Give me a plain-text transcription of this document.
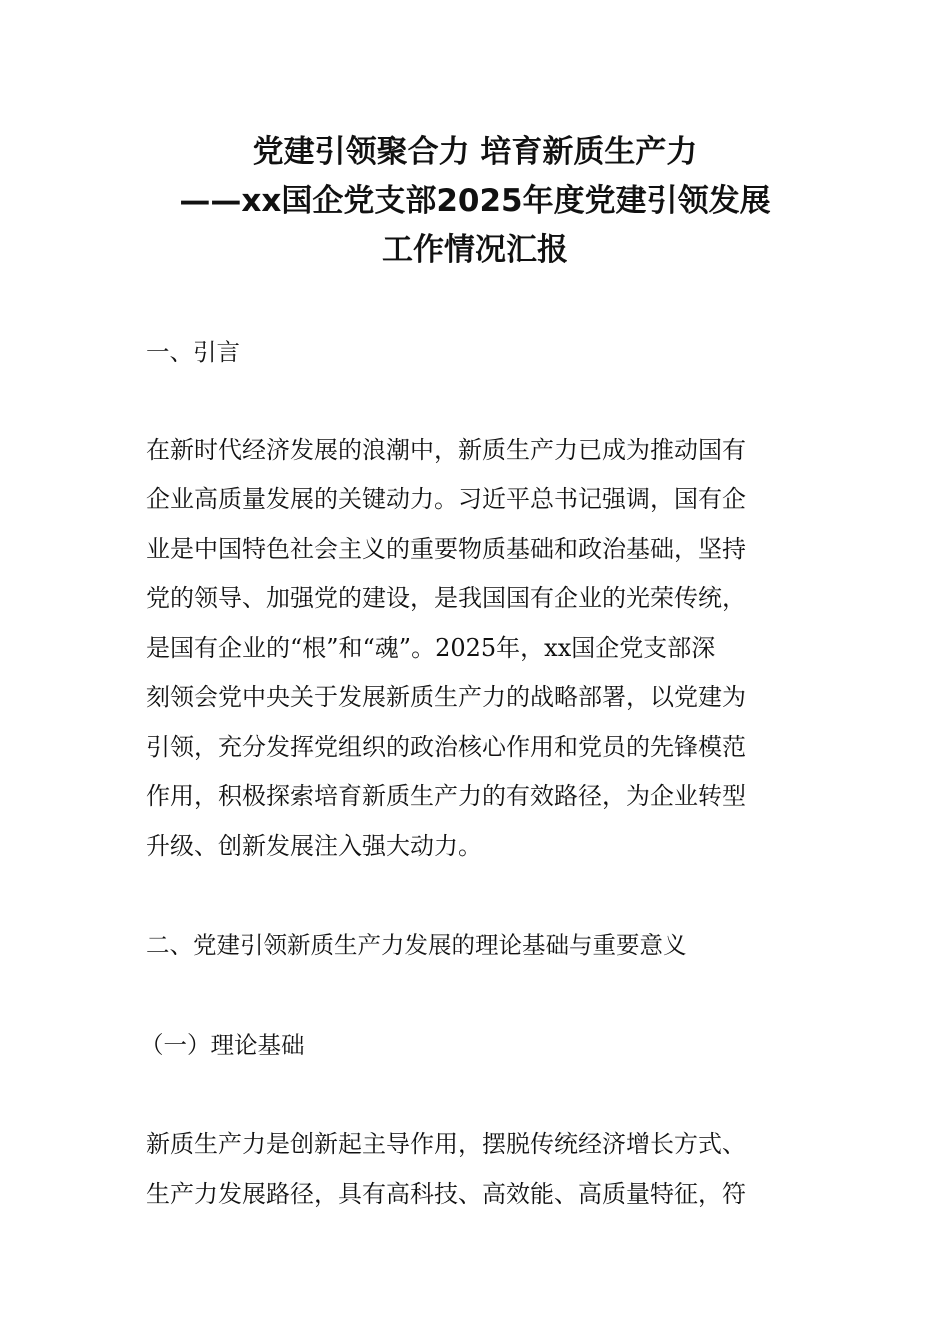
党建引领聚合力 培育新质生产力
——xx国企党支部2025年度党建引领发展
工作情况汇报

一、引言

在新时代经济发展的浪潮中，新质生产力已成为推动国有

企业高质量发展的关键动力。习近平总书记强调，国有企

业是中国特色社会主义的重要物质基础和政治基础，坚持

党的领导、加强党的建设，是我国国有企业的光荣传统，

是国有企业的“根”和“魂”。2025年，xx国企党支部深

刻领会党中央关于发展新质生产力的战略部署，以党建为

引领，充分发挥党组织的政治核心作用和党员的先锋模范

作用，积极探索培育新质生产力的有效路径，为企业转型

升级、创新发展注入强大动力。

二、党建引领新质生产力发展的理论基础与重要意义

（一）理论基础

新质生产力是创新起主导作用，摆脱传统经济增长方式、

生产力发展路径，具有高科技、高效能、高质量特征，符
